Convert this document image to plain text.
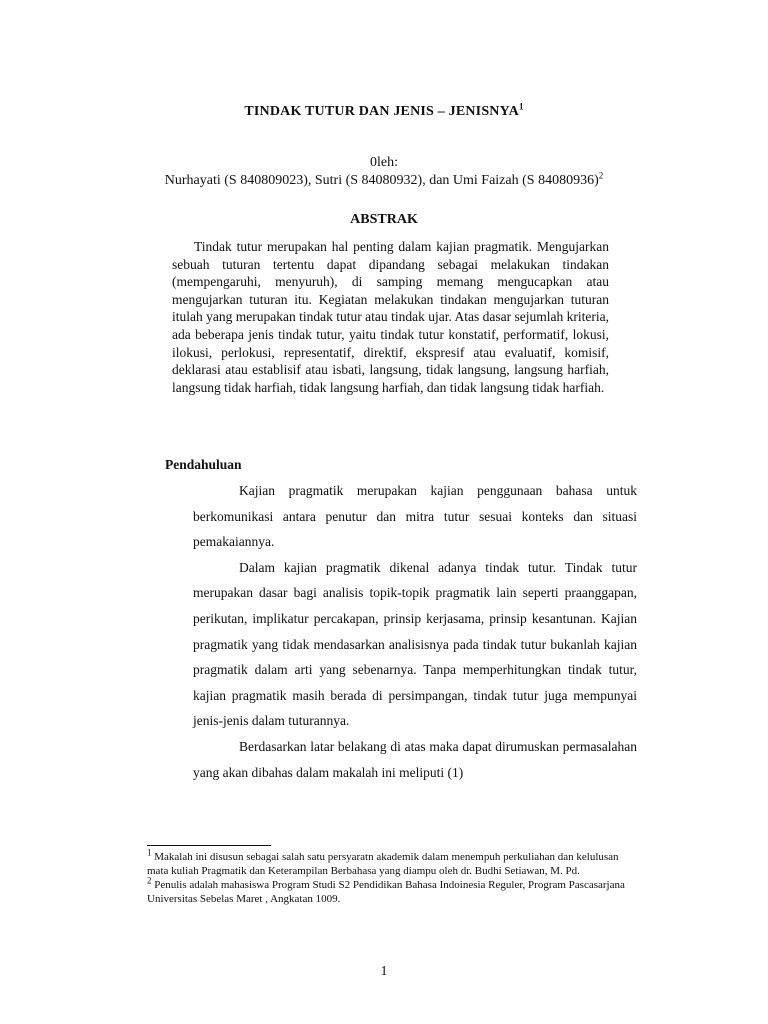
TINDAK TUTUR DAN JENIS – JENISNYA$^1$
0leh:
Nurhayati (S 840809023), Sutri (S 84080932), dan Umi Faizah (S 84080936)$^2$
ABSTRAK

Tindak tutur merupakan hal penting dalam kajian pragmatik. Mengujarkan sebuah tuturan tertentu dapat dipandang sebagai melakukan tindakan (mempengaruhi, menyuruh), di samping memang mengucapkan atau mengujarkan tuturan itu. Kegiatan melakukan tindakan mengujarkan tuturan itulah yang merupakan tindak tutur atau tindak ujar. Atas dasar sejumlah kriteria, ada beberapa jenis tindak tutur, yaitu tindak tutur konstatif, performatif, lokusi, ilokusi, perlokusi, representatif, direktif, ekspresif atau evaluatif, komisif, deklarasi atau establisif atau isbati, langsung, tidak langsung, langsung harfiah, langsung tidak harfiah, tidak langsung harfiah, dan tidak langsung tidak harfiah.

Pendahuluan

Kajian pragmatik merupakan kajian penggunaan bahasa untuk berkomunikasi antara penutur dan mitra tutur sesuai konteks dan situasi pemakaiannya.

Dalam kajian pragmatik dikenal adanya tindak tutur. Tindak tutur merupakan dasar bagi analisis topik-topik pragmatik lain seperti praanggapan, perikutan, implikatur percakapan, prinsip kerjasama, prinsip kesantunan. Kajian pragmatik yang tidak mendasarkan analisisnya pada tindak tutur bukanlah kajian pragmatik dalam arti yang sebenarnya. Tanpa memperhitungkan tindak tutur, kajian pragmatik masih berada di persimpangan, tindak tutur juga mempunyai jenis-jenis dalam tuturannya.

Berdasarkan latar belakang di atas maka dapat dirumuskan permasalahan yang akan dibahas dalam makalah ini meliputi (1)

$^1$ Makalah ini disusun sebagai salah satu persyaratn akademik dalam menempuh perkuliahan dan kelulusan mata kuliah Pragmatik dan Keterampilan Berbahasa yang diampu oleh dr. Budhi Setiawan, M. Pd.

$^2$ Penulis adalah mahasiswa Program Studi S2 Pendidikan Bahasa Indoinesia Reguler, Program Pascasarjana Universitas Sebelas Maret , Angkatan 1009.

1
